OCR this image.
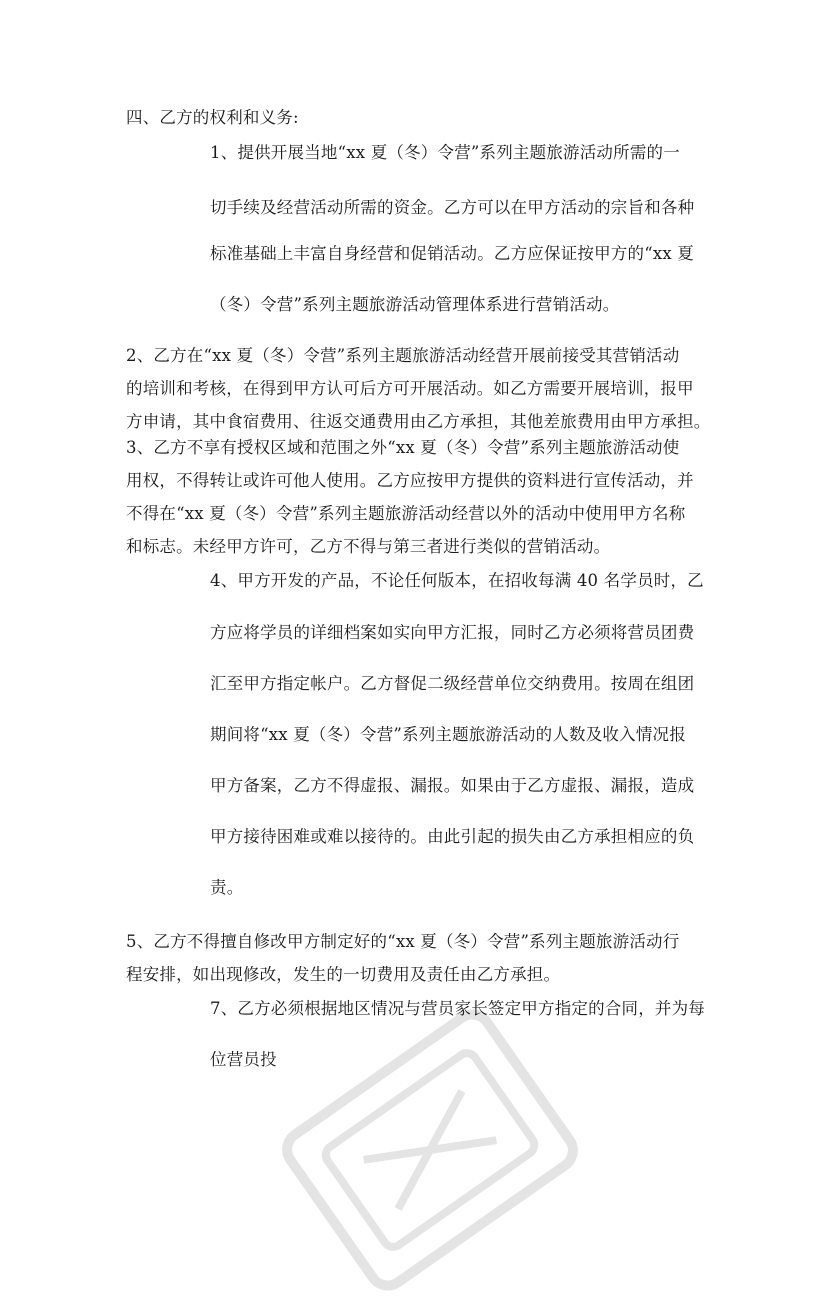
四、乙方的权利和义务:
1、提供开展当地“xx 夏（冬）令营”系列主题旅游活动所需的一
切手续及经营活动所需的资金。乙方可以在甲方活动的宗旨和各种
标准基础上丰富自身经营和促销活动。乙方应保证按甲方的“xx 夏
（冬）令营”系列主题旅游活动管理体系进行营销活动。
2、乙方在“xx 夏（冬）令营”系列主题旅游活动经营开展前接受其营销活动
的培训和考核，在得到甲方认可后方可开展活动。如乙方需要开展培训，报甲
方申请，其中食宿费用、往返交通费用由乙方承担，其他差旅费用由甲方承担。
3、乙方不享有授权区域和范围之外“xx 夏（冬）令营”系列主题旅游活动使
用权，不得转让或许可他人使用。乙方应按甲方提供的资料进行宣传活动，并
不得在“xx 夏（冬）令营”系列主题旅游活动经营以外的活动中使用甲方名称
和标志。未经甲方许可，乙方不得与第三者进行类似的营销活动。
4、甲方开发的产品，不论任何版本，在招收每满 40 名学员时，乙
方应将学员的详细档案如实向甲方汇报，同时乙方必须将营员团费
汇至甲方指定帐户。乙方督促二级经营单位交纳费用。按周在组团
期间将“xx 夏（冬）令营”系列主题旅游活动的人数及收入情况报
甲方备案，乙方不得虚报、漏报。如果由于乙方虚报、漏报，造成
甲方接待困难或难以接待的。由此引起的损失由乙方承担相应的负
责。
5、乙方不得擅自修改甲方制定好的“xx 夏（冬）令营”系列主题旅游活动行
程安排，如出现修改，发生的一切费用及责任由乙方承担。
7、乙方必须根据地区情况与营员家长签定甲方指定的合同，并为每
位营员投
